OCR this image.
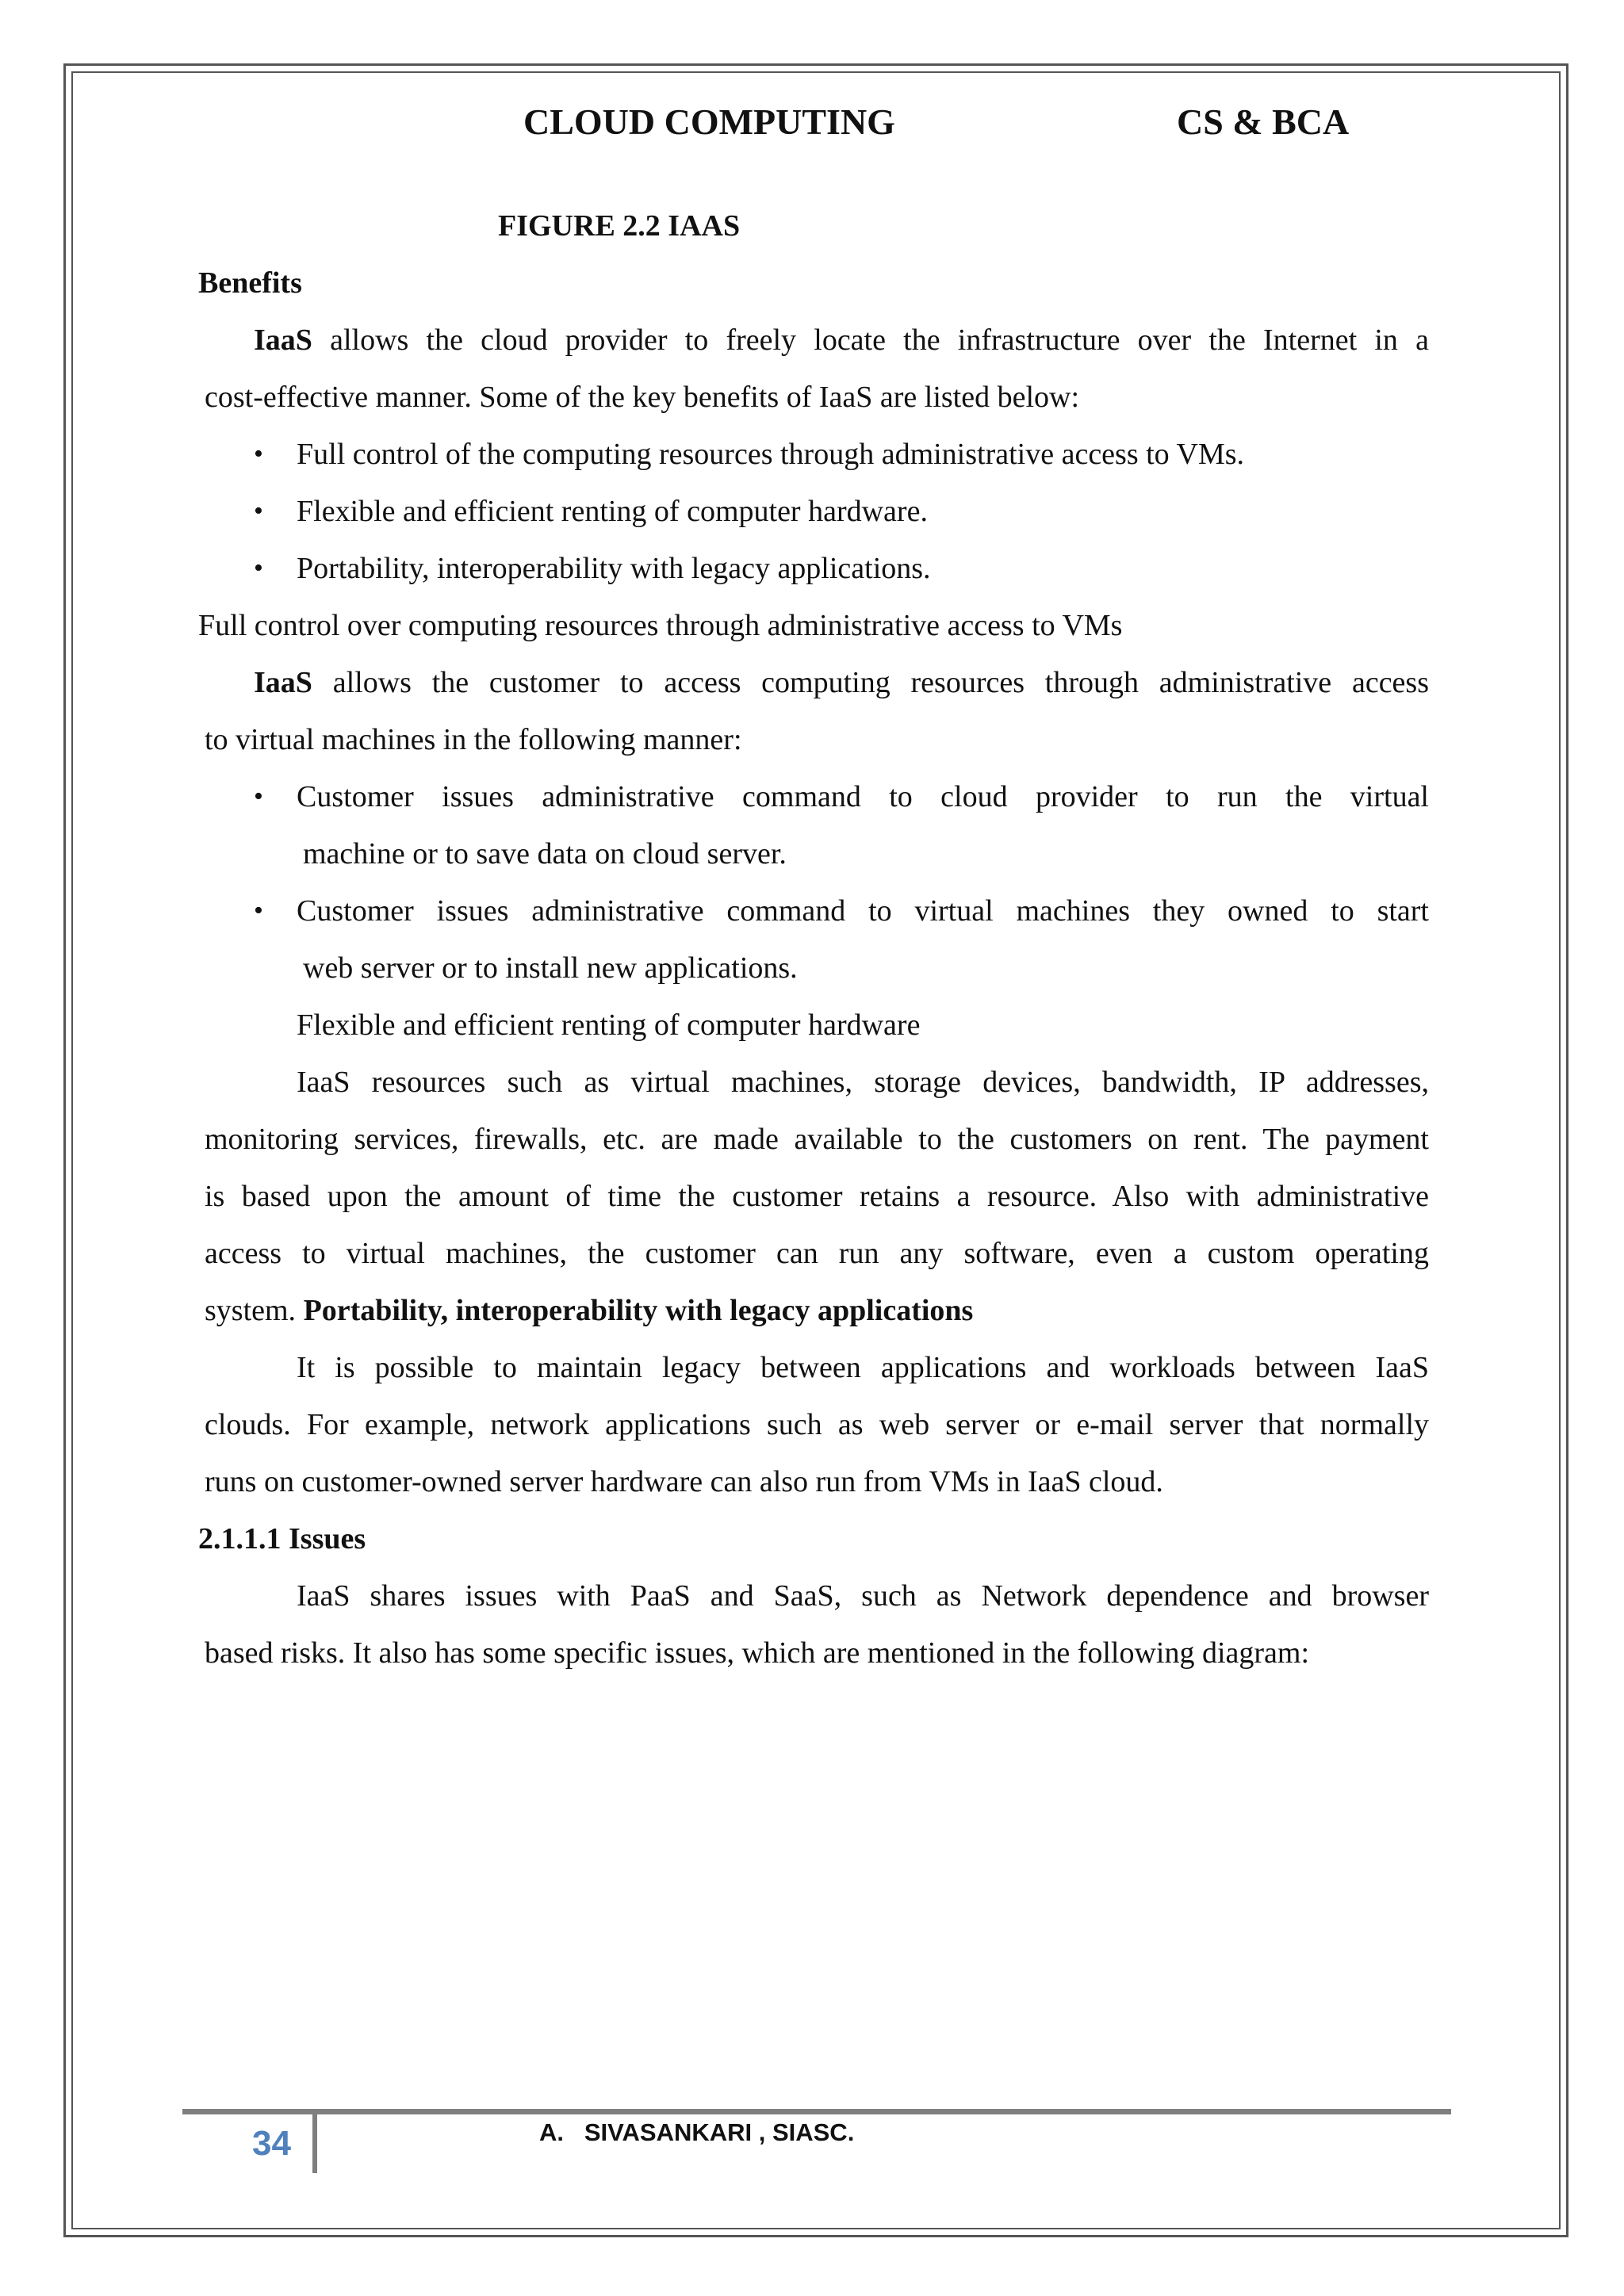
CLOUD COMPUTING	CS & BCA
FIGURE 2.2 IAAS
Benefits
IaaS allows the cloud provider to freely locate the infrastructure over the Internet in a
cost-effective manner. Some of the key benefits of IaaS are listed below:
• Full control of the computing resources through administrative access to VMs.
• Flexible and efficient renting of computer hardware.
• Portability, interoperability with legacy applications.
Full control over computing resources through administrative access to VMs
IaaS allows the customer to access computing resources through administrative access
to virtual machines in the following manner:
• Customer issues administrative command to cloud provider to run the virtual
machine or to save data on cloud server.
• Customer issues administrative command to virtual machines they owned to start
web server or to install new applications.
Flexible and efficient renting of computer hardware
IaaS resources such as virtual machines, storage devices, bandwidth, IP addresses,
monitoring services, firewalls, etc. are made available to the customers on rent. The payment
is based upon the amount of time the customer retains a resource. Also with administrative
access to virtual machines, the customer can run any software, even a custom operating
system. Portability, interoperability with legacy applications
It is possible to maintain legacy between applications and workloads between IaaS
clouds. For example, network applications such as web server or e-mail server that normally
runs on customer-owned server hardware can also run from VMs in IaaS cloud.
2.1.1.1 Issues
IaaS shares issues with PaaS and SaaS, such as Network dependence and browser
based risks. It also has some specific issues, which are mentioned in the following diagram:
34	A.   SIVASANKARI , SIASC.
